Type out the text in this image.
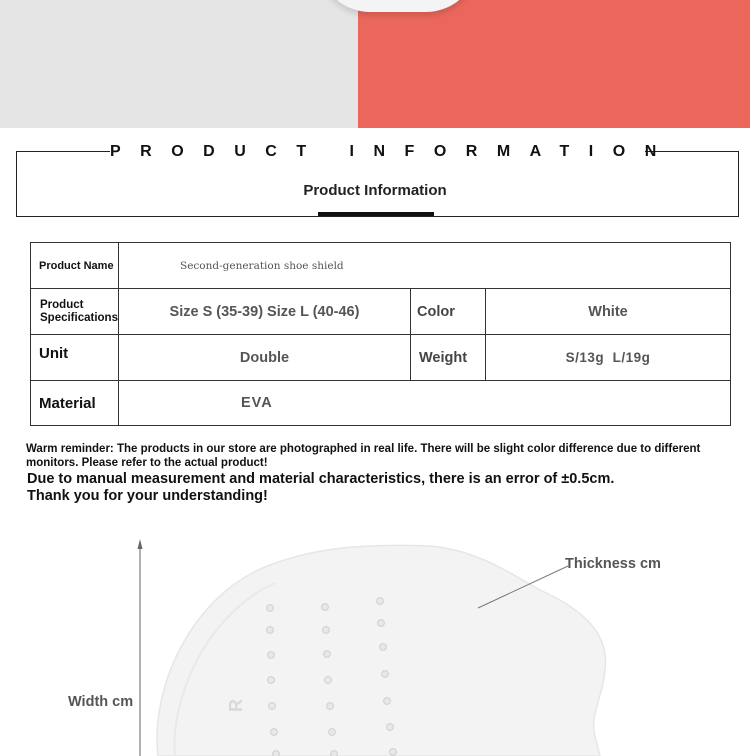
PRODUCT INFORMATION
Product Information
Product Name	Second-generation shoe shield
Product
Specifications	Size S (35-39) Size L (40-46)	Color	White
Unit	Double	Weight	S/13g  L/19g
Material	EVA
Warm reminder: The products in our store are photographed in real life. There will be slight color difference due to different monitors. Please refer to the actual product!
Due to manual measurement and material characteristics, there is an error of ±0.5cm.
Thank you for your understanding!
R
Thickness cm
Width cm
